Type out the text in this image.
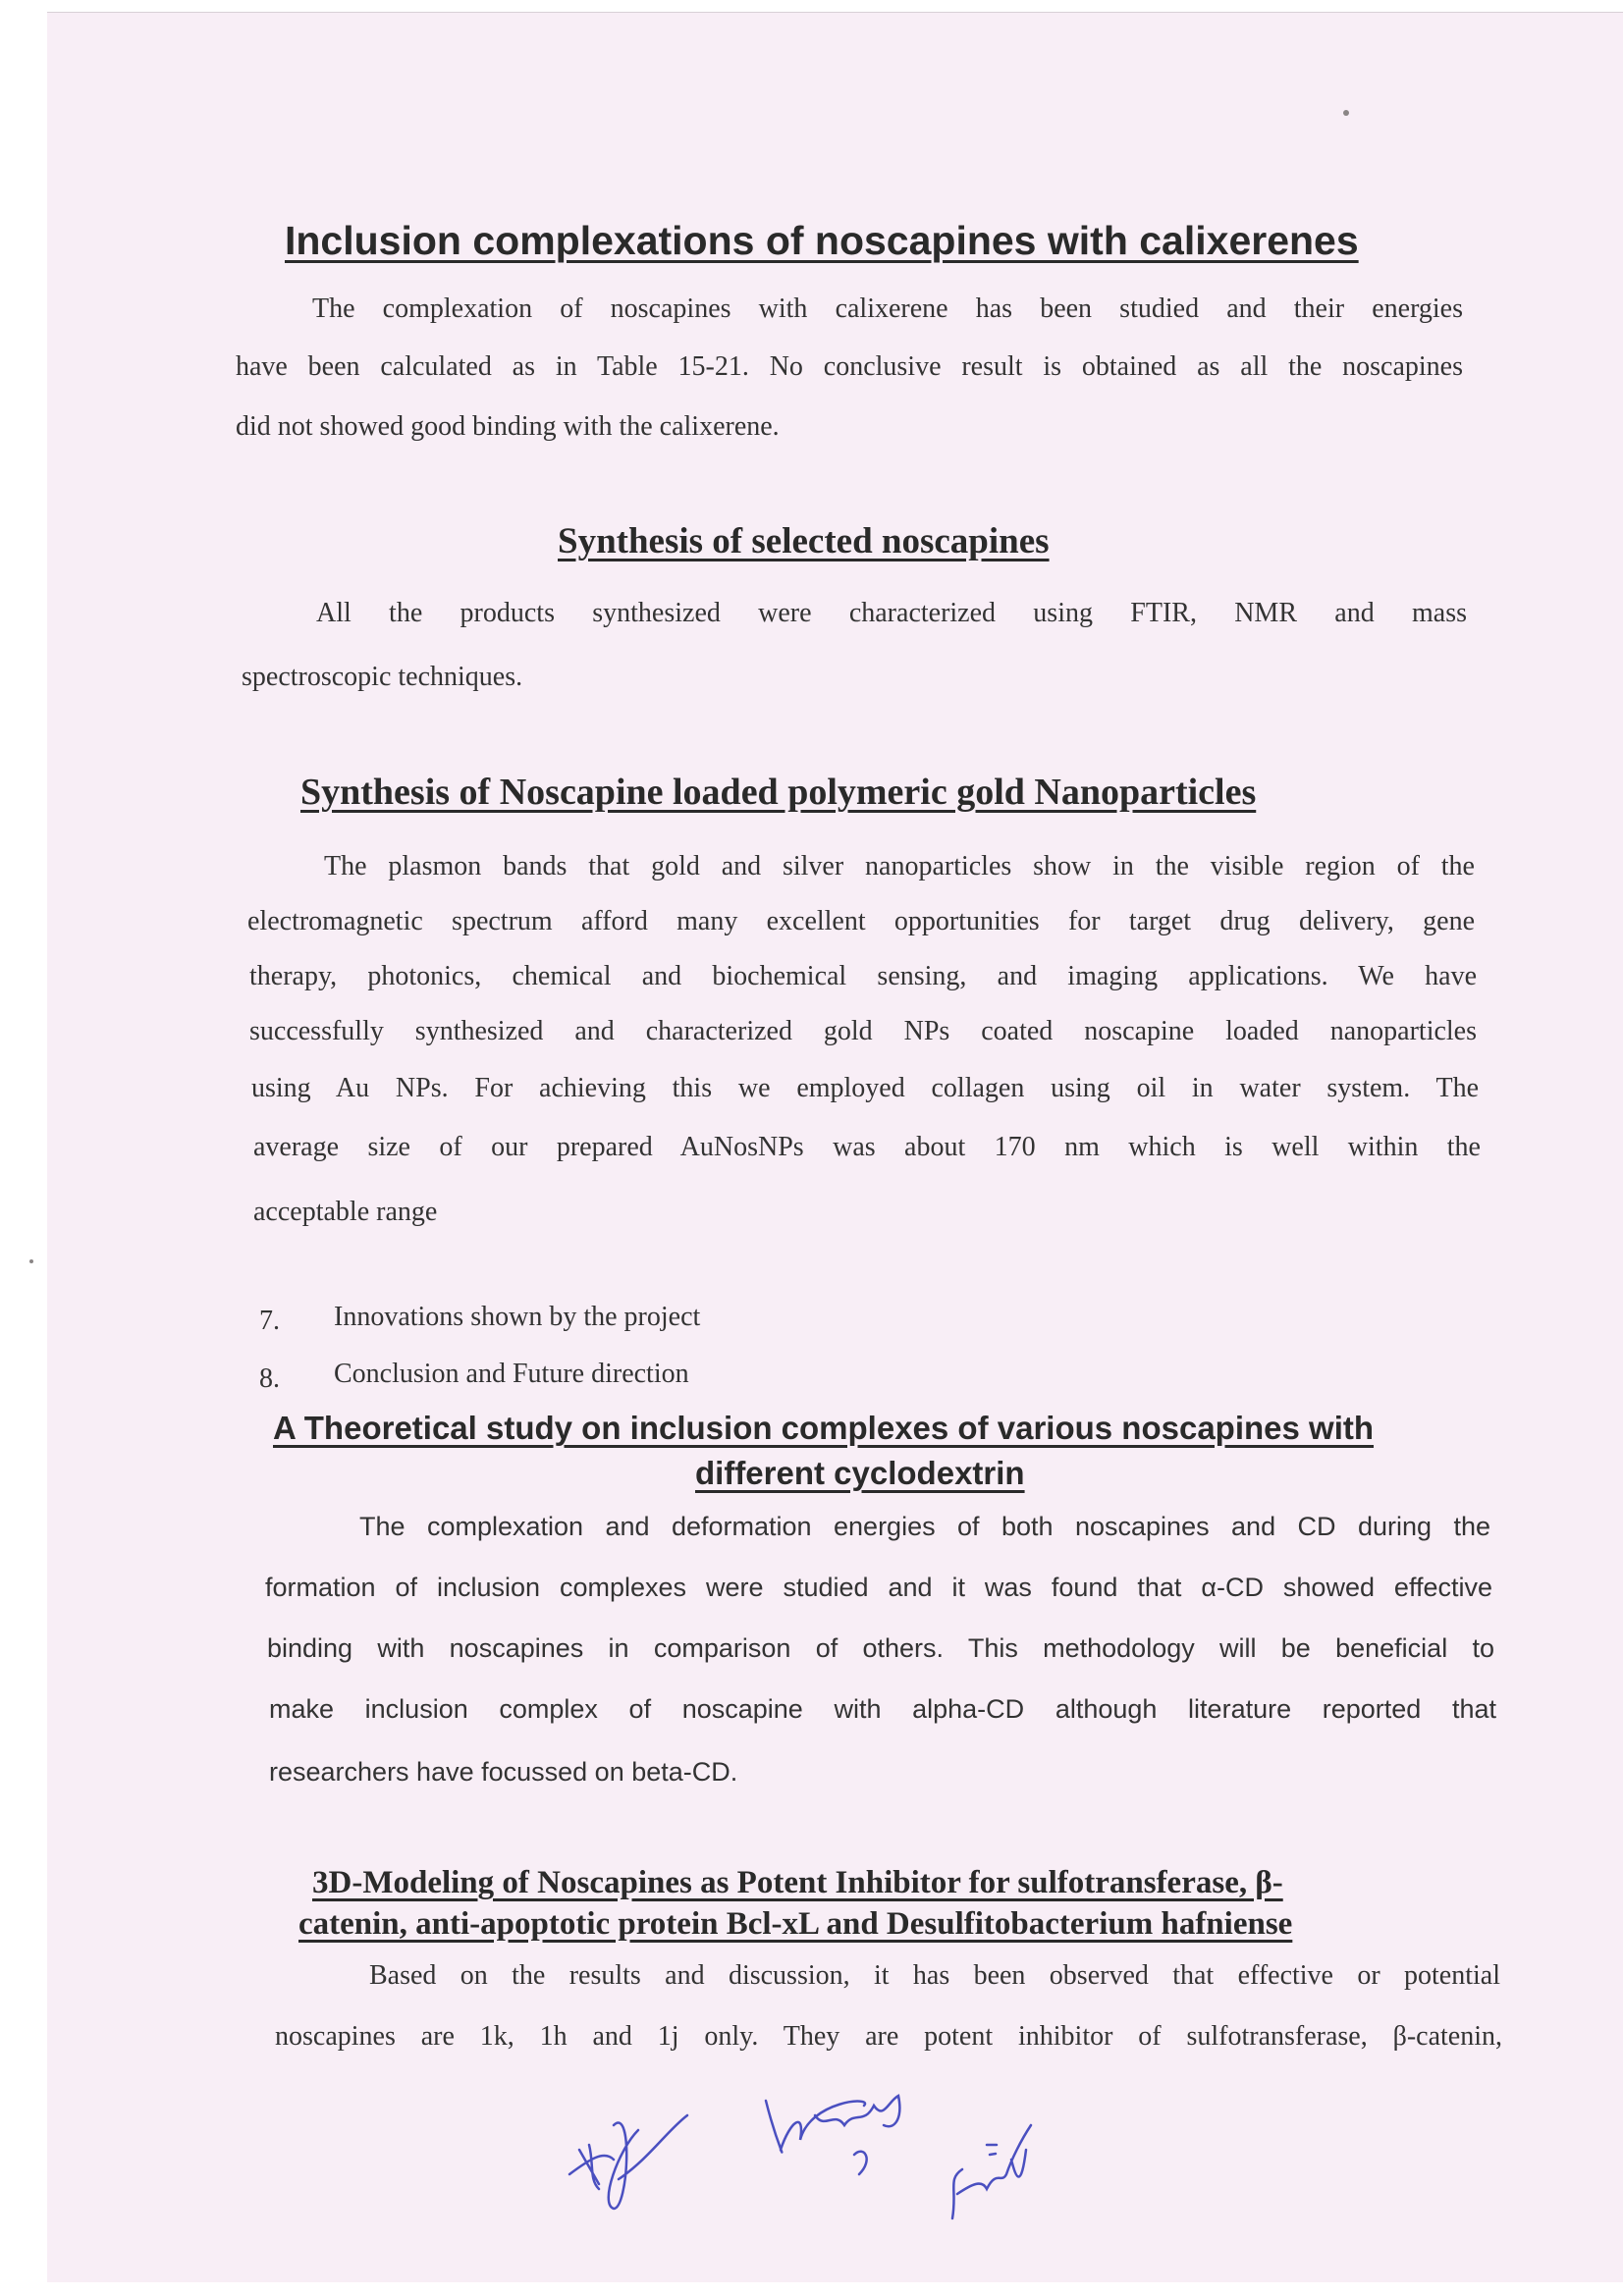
Inclusion complexations of noscapines with calixerenes
The complexation of noscapines with calixerene has been studied and their energies
have been calculated as in Table 15-21. No conclusive result is obtained as all the noscapines
did not showed good binding with the calixerene.
Synthesis of selected noscapines
All the products synthesized were characterized using FTIR, NMR and mass
spectroscopic techniques.
Synthesis of Noscapine loaded polymeric gold Nanoparticles
The plasmon bands that gold and silver nanoparticles show in the visible region of the
electromagnetic spectrum afford many excellent opportunities for target drug delivery, gene
therapy, photonics, chemical and biochemical sensing, and imaging applications. We have
successfully synthesized and characterized gold NPs coated noscapine loaded nanoparticles
using Au NPs. For achieving this we employed collagen using oil in water system. The
average size of our prepared AuNosNPs was about 170 nm which is well within the
acceptable range
7. Innovations shown by the project
8. Conclusion and Future direction
A Theoretical study on inclusion complexes of various noscapines with
different cyclodextrin
The complexation and deformation energies of both noscapines and CD during the
formation of inclusion complexes were studied and it was found that α-CD showed effective
binding with noscapines in comparison of others. This methodology will be beneficial to
make inclusion complex of noscapine with alpha-CD although literature reported that
researchers have focussed on beta-CD.
3D-Modeling of Noscapines as Potent Inhibitor for sulfotransferase, β-
catenin, anti-apoptotic protein Bcl-xL and Desulfitobacterium hafniense
Based on the results and discussion, it has been observed that effective or potential
noscapines are 1k, 1h and 1j only. They are potent inhibitor of sulfotransferase, β-catenin,
